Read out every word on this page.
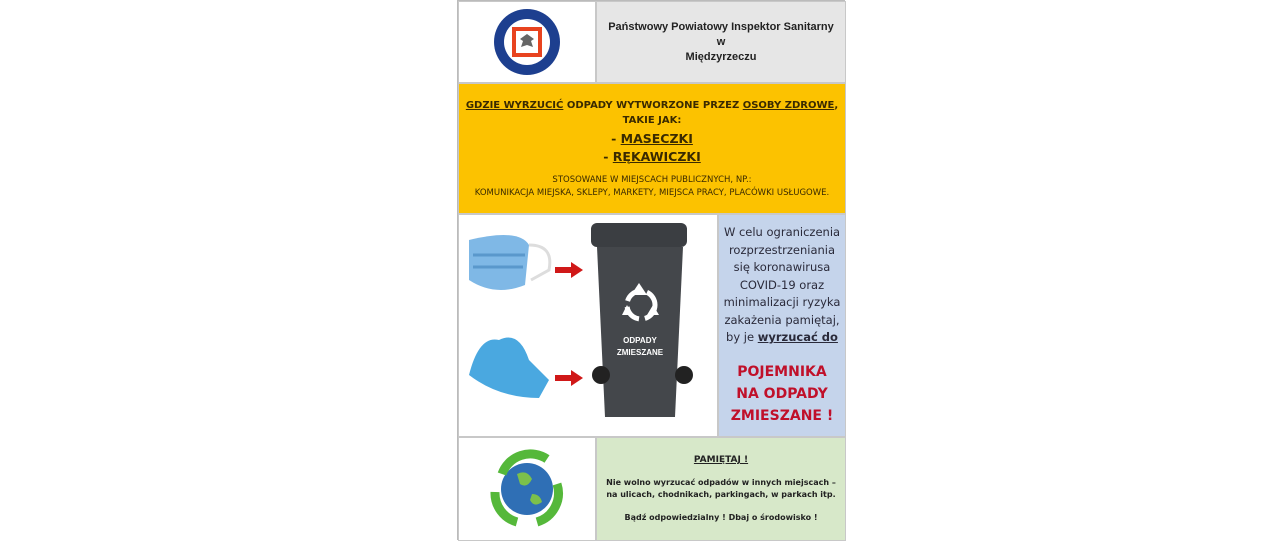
Państwowy Powiatowy Inspektor Sanitarny
w
Międzyrzeczu
GDZIE WYRZUCIĆ ODPADY WYTWORZONE PRZEZ OSOBY ZDROWE,
TAKIE JAK:
- MASECZKI
- RĘKAWICZKI
STOSOWANE W MIEJSCACH PUBLICZNYCH, NP.:
KOMUNIKACJA MIEJSKA, SKLEPY, MARKETY, MIEJSCA PRACY, PLACÓWKI USŁUGOWE.
ODPADY
ZMIESZANE
W celu ograniczenia rozprzestrzeniania się koronawirusa COVID-19 oraz minimalizacji ryzyka zakażenia pamiętaj, by je wyrzucać do
POJEMNIKA
NA ODPADY
ZMIESZANE !
PAMIĘTAJ !
Nie wolno wyrzucać odpadów w innych miejscach –
na ulicach, chodnikach, parkingach, w parkach itp.
Bądź odpowiedzialny ! Dbaj o środowisko !
